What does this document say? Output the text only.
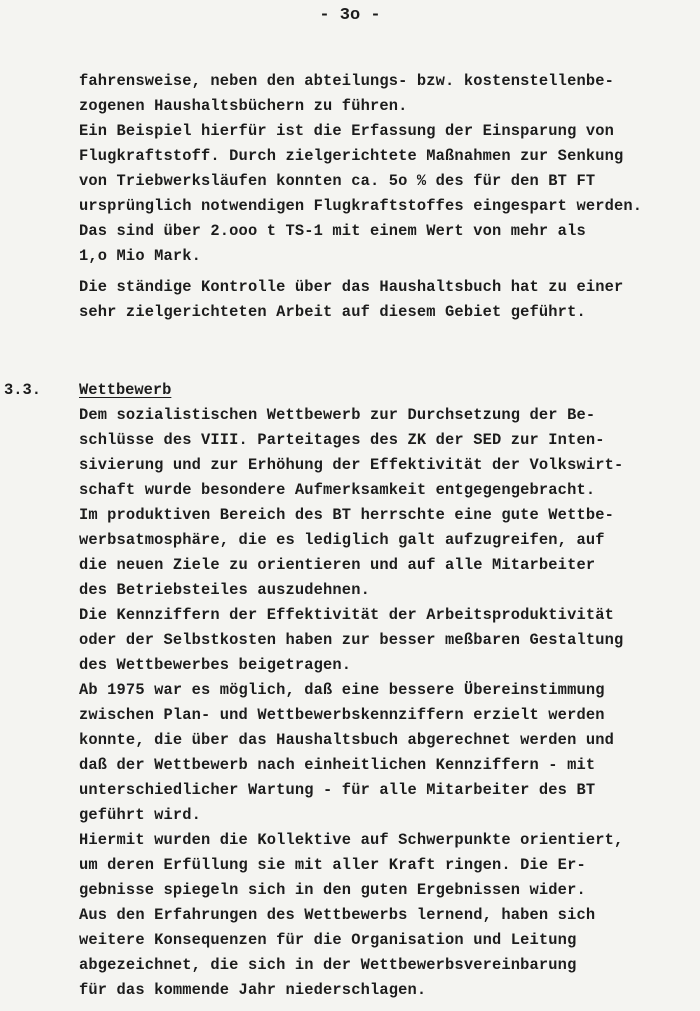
- 3o -
fahrensweise, neben den abteilungs- bzw. kostenstellenbe-
zogenen Haushaltsbüchern zu führen.
Ein Beispiel hierfür ist die Erfassung der Einsparung von
Flugkraftstoff. Durch zielgerichtete Maßnahmen zur Senkung
von Triebwerksläufen konnten ca. 5o % des für den BT FT
ursprünglich notwendigen Flugkraftstoffes eingespart werden.
Das sind über 2.ooo t TS-1 mit einem Wert von mehr als
1,o Mio Mark.
Die ständige Kontrolle über das Haushaltsbuch hat zu einer
sehr zielgerichteten Arbeit auf diesem Gebiet geführt.
3.3. Wettbewerb
Dem sozialistischen Wettbewerb zur Durchsetzung der Be-
schlüsse des VIII. Parteitages des ZK der SED zur Inten-
sivierung und zur Erhöhung der Effektivität der Volkswirt-
schaft wurde besondere Aufmerksamkeit entgegengebracht.
Im produktiven Bereich des BT herrschte eine gute Wettbe-
werbsatmosphäre, die es lediglich galt aufzugreifen, auf
die neuen Ziele zu orientieren und auf alle Mitarbeiter
des Betriebsteiles auszudehnen.
Die Kennziffern der Effektivität der Arbeitsproduktivität
oder der Selbstkosten haben zur besser meßbaren Gestaltung
des Wettbewerbes beigetragen.
Ab 1975 war es möglich, daß eine bessere Übereinstimmung
zwischen Plan- und Wettbewerbskennziffern erzielt werden
konnte, die über das Haushaltsbuch abgerechnet werden und
daß der Wettbewerb nach einheitlichen Kennziffern - mit
unterschiedlicher Wartung - für alle Mitarbeiter des BT
geführt wird.
Hiermit wurden die Kollektive auf Schwerpunkte orientiert,
um deren Erfüllung sie mit aller Kraft ringen. Die Er-
gebnisse spiegeln sich in den guten Ergebnissen wider.
Aus den Erfahrungen des Wettbewerbs lernend, haben sich
weitere Konsequenzen für die Organisation und Leitung
abgezeichnet, die sich in der Wettbewerbsvereinbarung
für das kommende Jahr niederschlagen.
